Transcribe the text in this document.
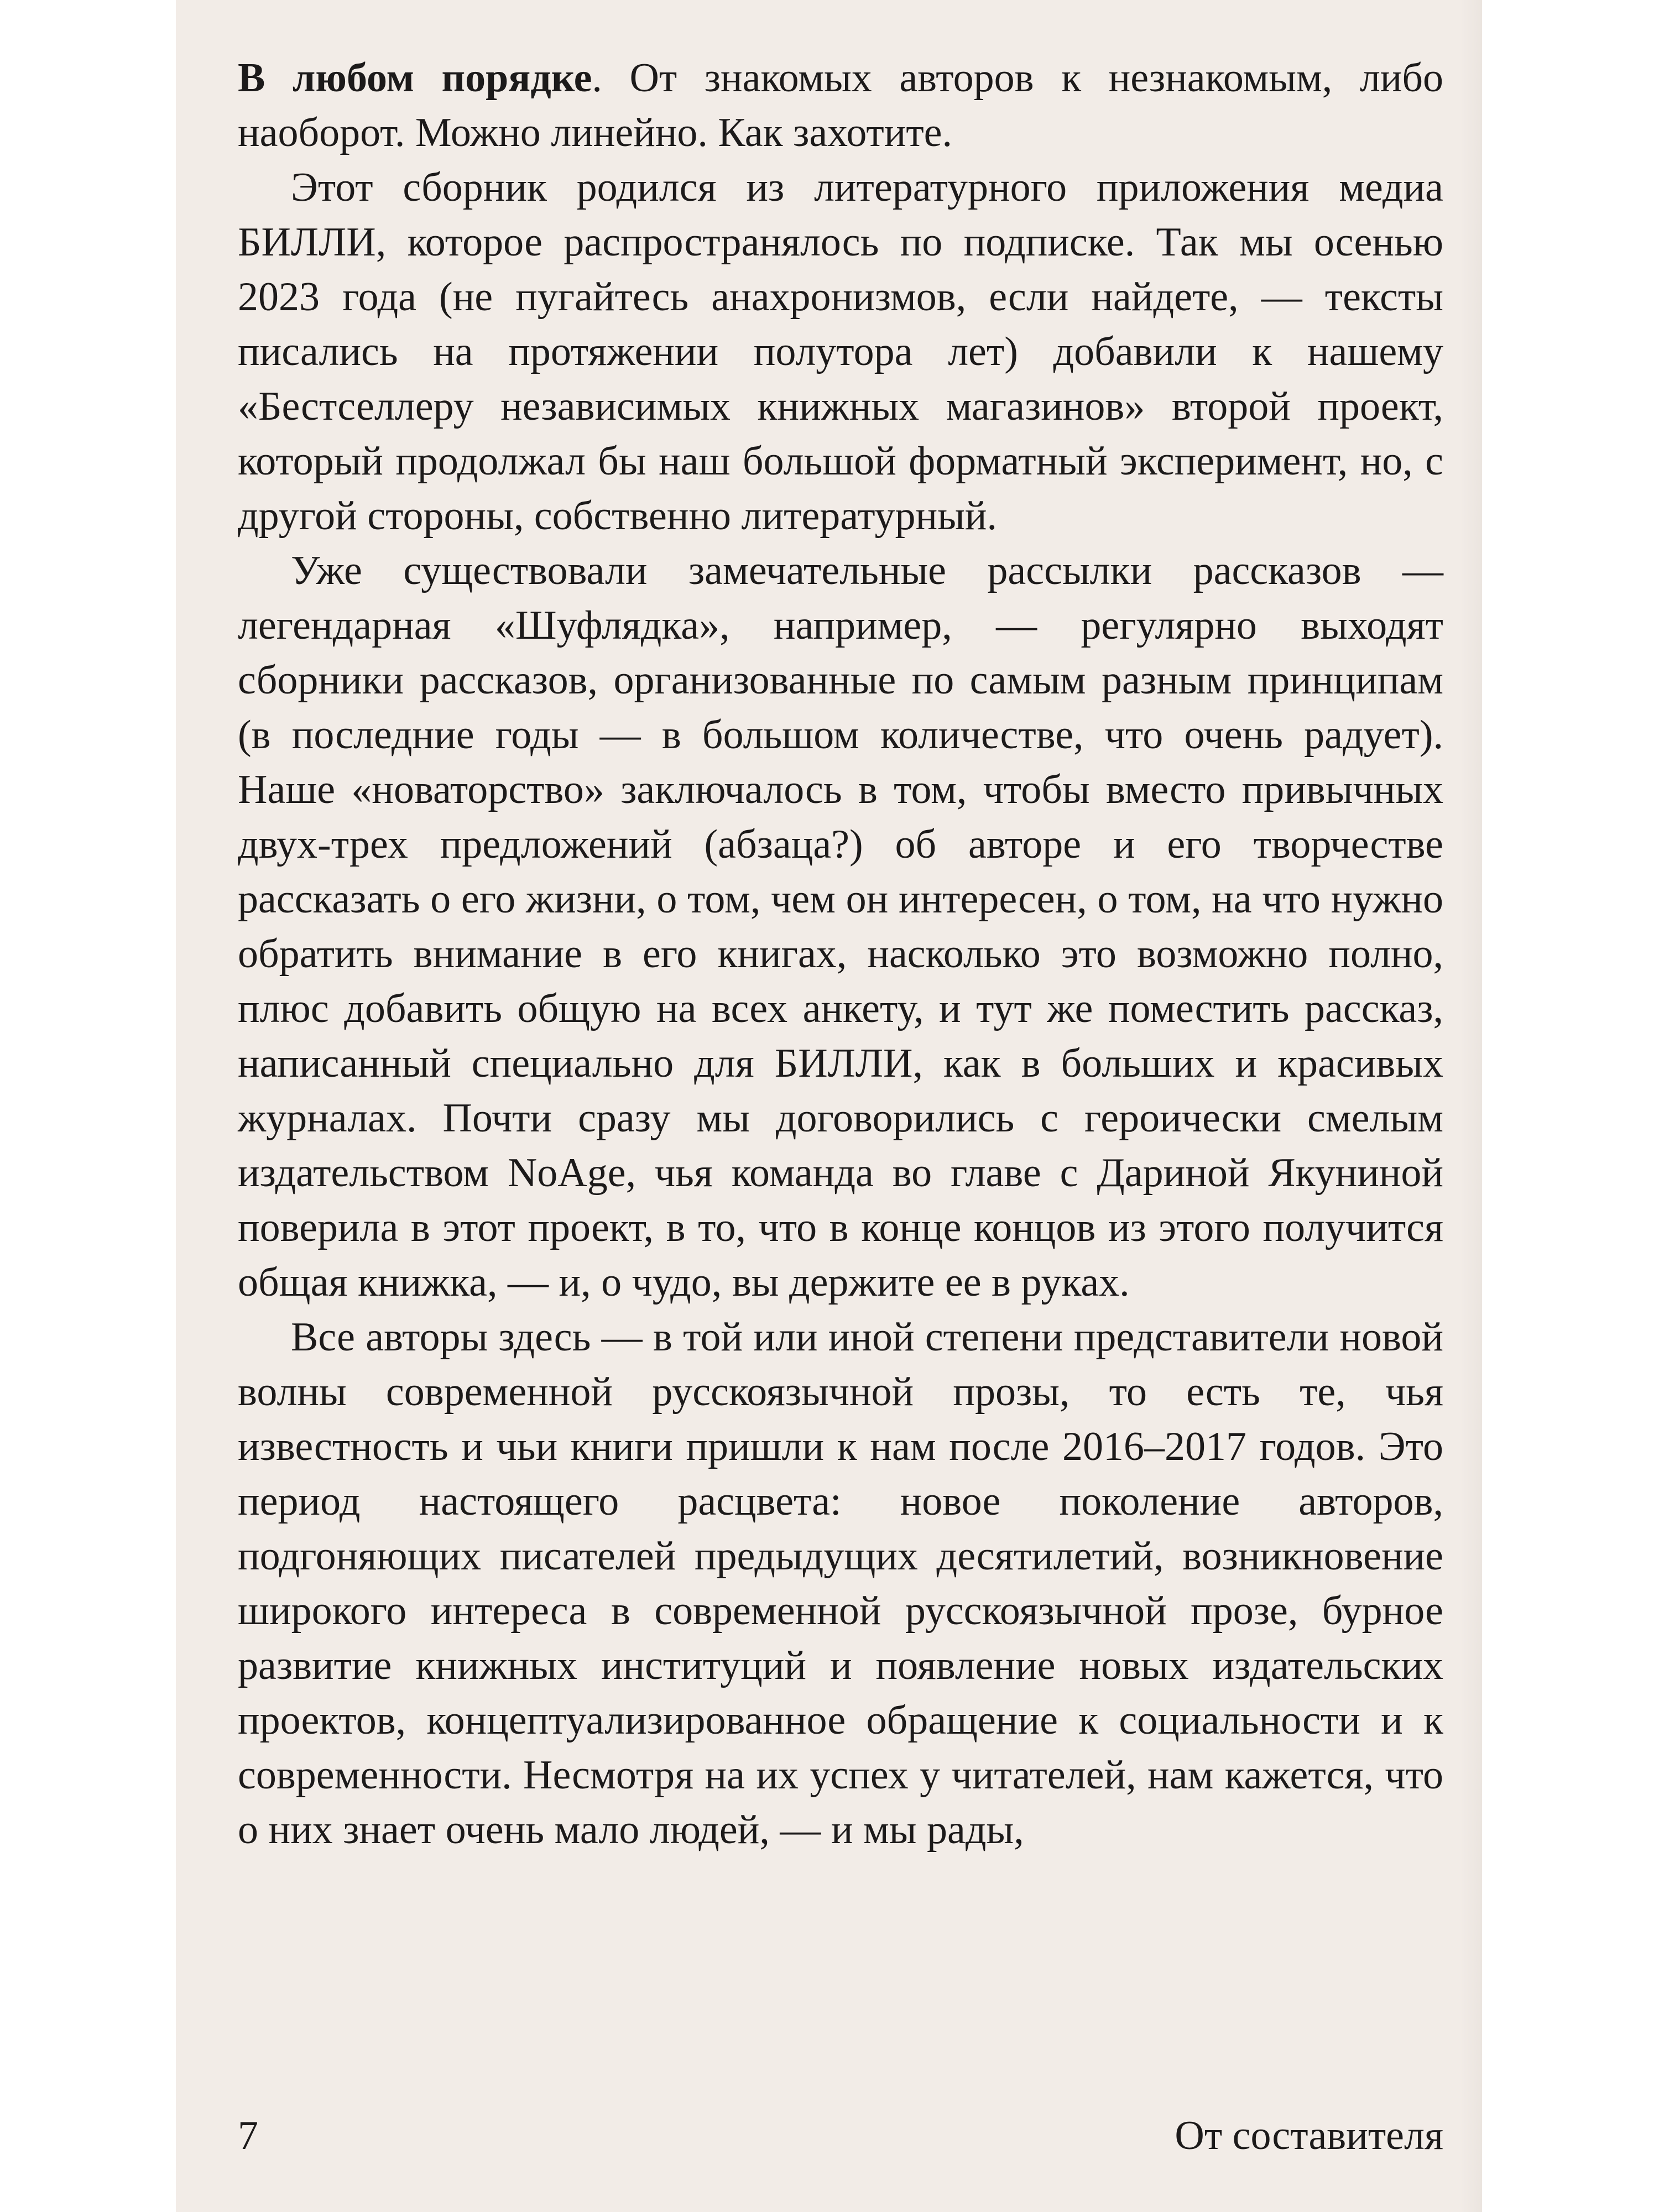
В любом порядке. От знакомых авторов к незнакомым, либо наоборот. Можно линейно. Как захотите.

Этот сборник родился из литературного приложения медиа БИЛЛИ, которое распространялось по подписке. Так мы осенью 2023 года (не пугайтесь анахронизмов, если найдете, — тексты писались на протяжении полутора лет) добавили к нашему «Бестселлеру независимых книжных магазинов» второй проект, который продолжал бы наш большой форматный эксперимент, но, с другой стороны, собственно литературный.

Уже существовали замечательные рассылки рассказов — легендарная «Шуфлядка», например, — регулярно выходят сборники рассказов, организованные по самым разным принципам (в последние годы — в большом количестве, что очень радует). Наше «новаторство» заключалось в том, чтобы вместо привычных двух-трех предложений (абзаца?) об авторе и его творчестве рассказать о его жизни, о том, чем он интересен, о том, на что нужно обратить внимание в его книгах, насколько это возможно полно, плюс добавить общую на всех анкету, и тут же поместить рассказ, написанный специально для БИЛЛИ, как в больших и красивых журналах. Почти сразу мы договорились с героически смелым издательством NoAge, чья команда во главе с Дариной Якуниной поверила в этот проект, в то, что в конце концов из этого получится общая книжка, — и, о чудо, вы держите ее в руках.

Все авторы здесь — в той или иной степени представители новой волны современной русскоязычной прозы, то есть те, чья известность и чьи книги пришли к нам после 2016–2017 годов. Это период настоящего расцвета: новое поколение авторов, подгоняющих писателей предыдущих десятилетий, возникновение широкого интереса в современной русскоязычной прозе, бурное развитие книжных институций и появление новых издательских проектов, концептуализированное обращение к социальности и к современности. Несмотря на их успех у читателей, нам кажется, что о них знает очень мало людей, — и мы рады,

7	От составителя
